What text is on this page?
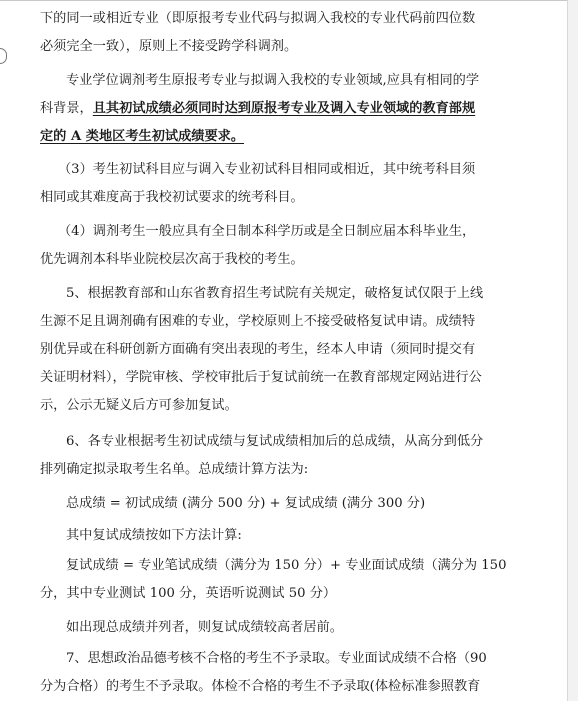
下的同一或相近专业（即原报考专业代码与拟调入我校的专业代码前四位数
必须完全一致），原则上不接受跨学科调剂。

专业学位调剂考生原报考专业与拟调入我校的专业领域,应具有相同的学
科背景，且其初试成绩必须同时达到原报考专业及调入专业领域的教育部规
定的 A 类地区考生初试成绩要求。

（3）考生初试科目应与调入专业初试科目相同或相近，其中统考科目须
相同或其难度高于我校初试要求的统考科目。

（4）调剂考生一般应具有全日制本科学历或是全日制应届本科毕业生，
优先调剂本科毕业院校层次高于我校的考生。

5、根据教育部和山东省教育招生考试院有关规定，破格复试仅限于上线
生源不足且调剂确有困难的专业，学校原则上不接受破格复试申请。成绩特
别优异或在科研创新方面确有突出表现的考生，经本人申请（须同时提交有
关证明材料），学院审核、学校审批后于复试前统一在教育部规定网站进行公
示，公示无疑义后方可参加复试。

6、各专业根据考生初试成绩与复试成绩相加后的总成绩，从高分到低分
排列确定拟录取考生名单。总成绩计算方法为:

总成绩 = 初试成绩 (满分 500 分) + 复试成绩 (满分 300 分)

其中复试成绩按如下方法计算:

复试成绩 = 专业笔试成绩（满分为 150 分）+ 专业面试成绩（满分为 150
分，其中专业测试 100 分，英语听说测试 50 分）

如出现总成绩并列者，则复试成绩较高者居前。

7、思想政治品德考核不合格的考生不予录取。专业面试成绩不合格（90
分为合格）的考生不予录取。体检不合格的考生不予录取(体检标准参照教育
